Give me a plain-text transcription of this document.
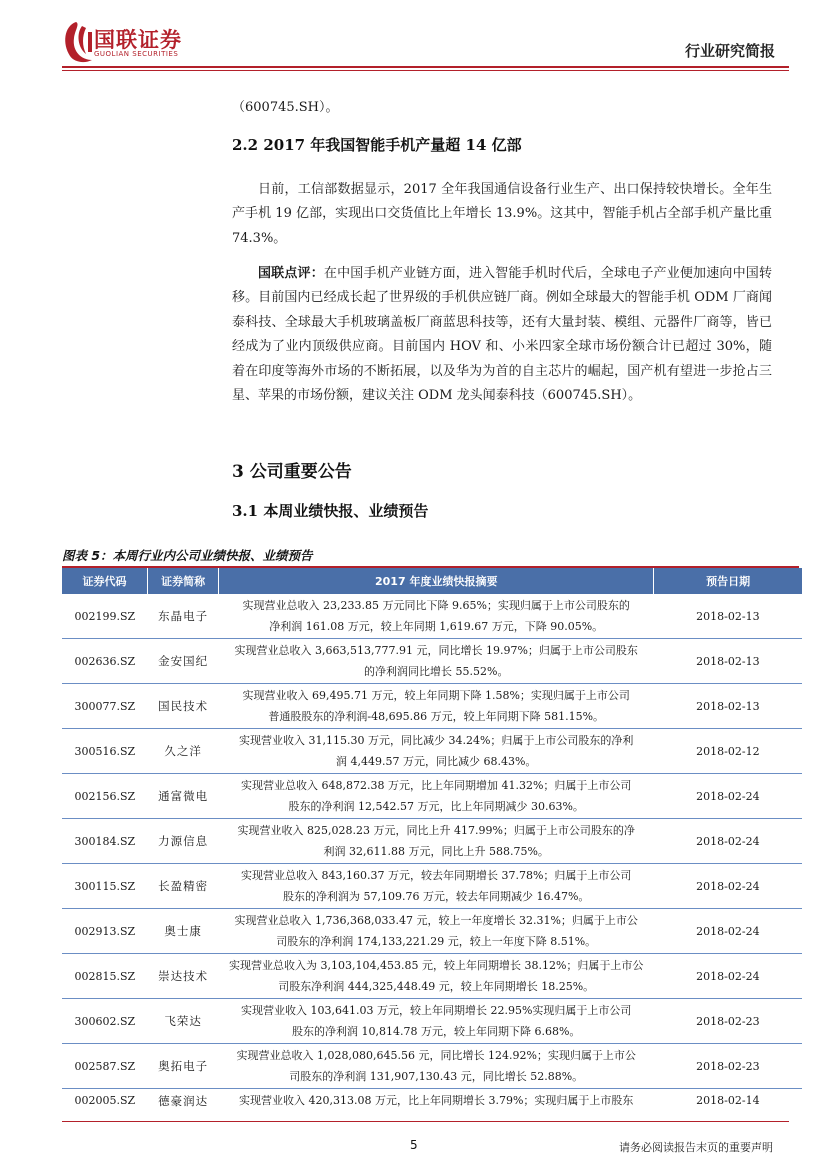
国联证券
GUOLIAN SECURITIES	行业研究简报
（600745.SH）。
2.2 2017 年我国智能手机产量超 14 亿部

日前，工信部数据显示，2017 全年我国通信设备行业生产、出口保持较快增长。全年生产手机 19 亿部，实现出口交货值比上年增长 13.9%。这其中，智能手机占全部手机产量比重 74.3%。

国联点评：在中国手机产业链方面，进入智能手机时代后，全球电子产业便加速向中国转移。目前国内已经成长起了世界级的手机供应链厂商。例如全球最大的智能手机 ODM 厂商闻泰科技、全球最大手机玻璃盖板厂商蓝思科技等，还有大量封装、模组、元器件厂商等，皆已经成为了业内顶级供应商。目前国内 HOV 和、小米四家全球市场份额合计已超过 30%，随着在印度等海外市场的不断拓展，以及华为为首的自主芯片的崛起，国产机有望进一步抢占三星、苹果的市场份额，建议关注 ODM 龙头闻泰科技（600745.SH）。

3 公司重要公告
3.1 本周业绩快报、业绩预告
图表 5：本周行业内公司业绩快报、业绩预告
证券代码	证券简称	2017 年度业绩快报摘要	预告日期
002199.SZ	东晶电子	实现营业总收入 23,233.85 万元同比下降 9.65%；实现归属于上市公司股东的
净利润 161.08 万元，较上年同期 1,619.67 万元，下降 90.05%。	2018-02-13
002636.SZ	金安国纪	实现营业总收入 3,663,513,777.91 元，同比增长 19.97%；归属于上市公司股东
的净利润同比增长 55.52%。	2018-02-13
300077.SZ	国民技术	实现营业收入 69,495.71 万元，较上年同期下降 1.58%；实现归属于上市公司
普通股股东的净利润-48,695.86 万元，较上年同期下降 581.15%。	2018-02-13
300516.SZ	久之洋	实现营业收入 31,115.30 万元，同比减少 34.24%；归属于上市公司股东的净利
润 4,449.57 万元，同比减少 68.43%。	2018-02-12
002156.SZ	通富微电	实现营业总收入 648,872.38 万元，比上年同期增加 41.32%；归属于上市公司
股东的净利润 12,542.57 万元，比上年同期减少 30.63%。	2018-02-24
300184.SZ	力源信息	实现营业收入 825,028.23 万元，同比上升 417.99%；归属于上市公司股东的净
利润 32,611.88 万元，同比上升 588.75%。	2018-02-24
300115.SZ	长盈精密	实现营业总收入 843,160.37 万元，较去年同期增长 37.78%；归属于上市公司
股东的净利润为 57,109.76 万元，较去年同期减少 16.47%。	2018-02-24
002913.SZ	奥士康	实现营业总收入 1,736,368,033.47 元，较上一年度增长 32.31%；归属于上市公
司股东的净利润 174,133,221.29 元，较上一年度下降 8.51%。	2018-02-24
002815.SZ	崇达技术	实现营业总收入为 3,103,104,453.85 元，较上年同期增长 38.12%；归属于上市公
司股东净利润 444,325,448.49 元，较上年同期增长 18.25%。	2018-02-24
300602.SZ	飞荣达	实现营业收入 103,641.03 万元，较上年同期增长 22.95%实现归属于上市公司
股东的净利润 10,814.78 万元，较上年同期下降 6.68%。	2018-02-23
002587.SZ	奥拓电子	实现营业总收入 1,028,080,645.56 元，同比增长 124.92%；实现归属于上市公
司股东的净利润 131,907,130.43 元，同比增长 52.88%。	2018-02-23
002005.SZ	德豪润达	实现营业收入 420,313.08 万元，比上年同期增长 3.79%；实现归属于上市股东	2018-02-14
5	请务必阅读报告末页的重要声明
